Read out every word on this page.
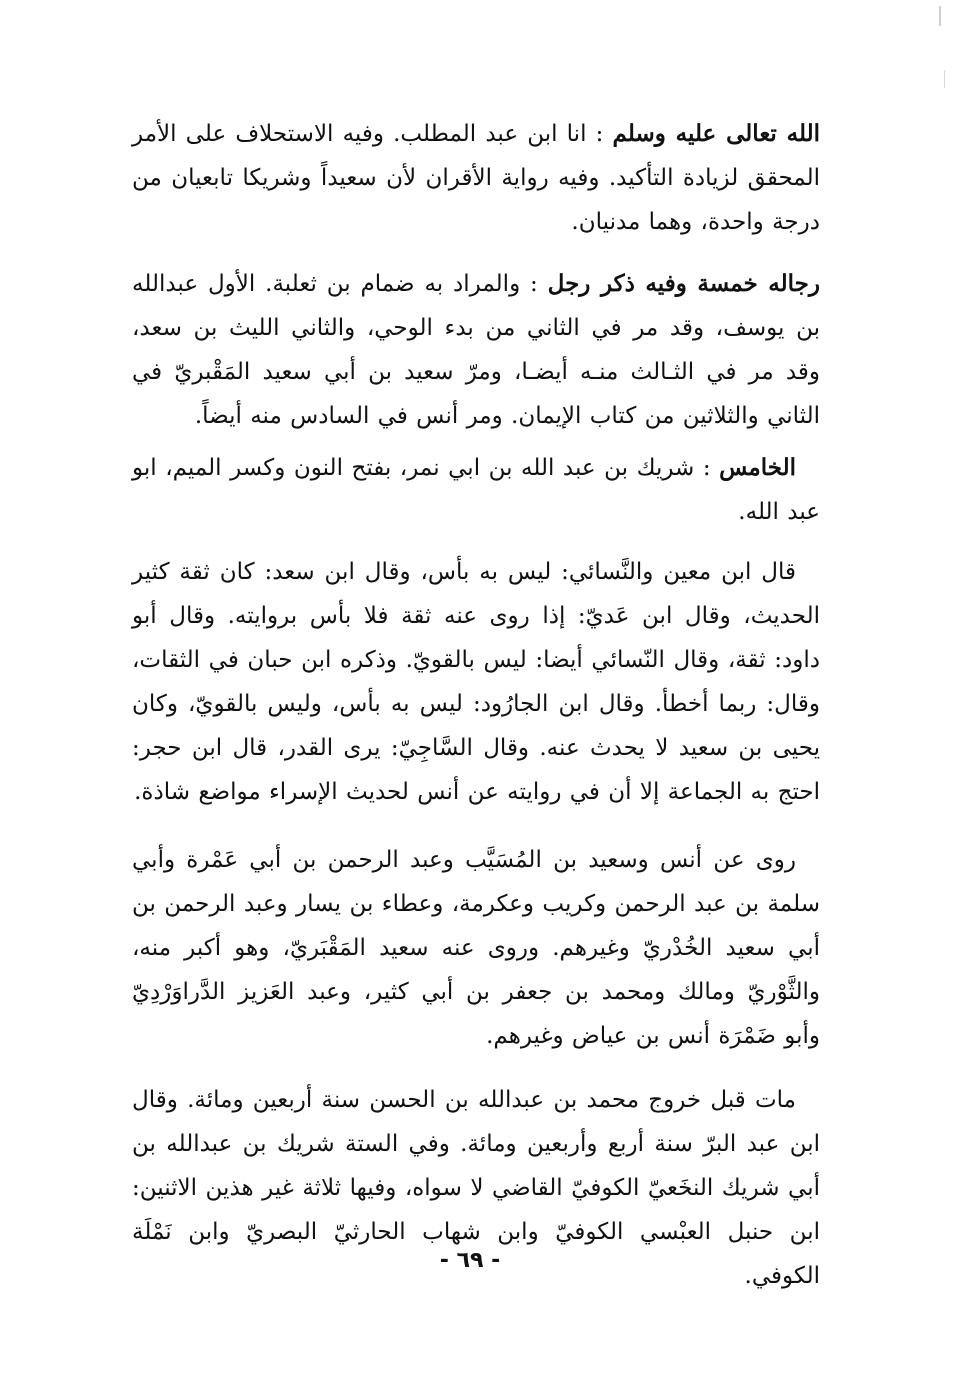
الله تعالى عليه وسلم : انا ابن عبد المطلب. وفيه الاستحلاف على الأمر المحقق لزيادة التأكيد. وفيه رواية الأقران لأن سعيداً وشريكا تابعيان من درجة واحدة، وهما مدنيان.

رجاله خمسة وفيه ذكر رجل : والمراد به ضمام بن ثعلبة. الأول عبدالله بن يوسف، وقد مر في الثاني من بدء الوحي، والثاني الليث بن سعد، وقد مر في الثـالث منـه أيضـا، ومرّ سعيد بن أبي سعيد المَقْبريّ في الثاني والثلاثين من كتاب الإيمان. ومر أنس في السادس منه أيضاً.

الخامس : شريك بن عبد الله بن ابي نمر، بفتح النون وكسر الميم، ابو عبد الله.

قال ابن معين والنَّسائي: ليس به بأس، وقال ابن سعد: كان ثقة كثير الحديث، وقال ابن عَديّ: إذا روى عنه ثقة فلا بأس بروايته. وقال أبو داود: ثقة، وقال النّسائي أيضا: ليس بالقويّ. وذكره ابن حبان في الثقات، وقال: ربما أخطأ. وقال ابن الجارُود: ليس به بأس، وليس بالقويّ، وكان يحيى بن سعيد لا يحدث عنه. وقال السَّاجِيّ: يرى القدر، قال ابن حجر: احتج به الجماعة إلا أن في روايته عن أنس لحديث الإسراء مواضع شاذة.

روى عن أنس وسعيد بن المُسَيَّب وعبد الرحمن بن أبي عَمْرة وأبي سلمة بن عبد الرحمن وكريب وعكرمة، وعطاء بن يسار وعبد الرحمن بن أبي سعيد الخُدْريّ وغيرهم. وروى عنه سعيد المَقْبَريّ، وهو أكبر منه، والثَّوْريّ ومالك ومحمد بن جعفر بن أبي كثير، وعبد العَزيز الدَّراوَرْدِيّ وأبو ضَمْرَة أنس بن عياض وغيرهم.

مات قبل خروج محمد بن عبدالله بن الحسن سنة أربعين ومائة. وقال ابن عبد البرّ سنة أربع وأربعين ومائة. وفي الستة شريك بن عبدالله بن أبي شريك النخَعيّ الكوفيّ القاضي لا سواه، وفيها ثلاثة غير هذين الاثنين: ابن حنبل العبْسي الكوفيّ وابن شهاب الحارثيّ البصريّ وابن نَمْلَة الكوفي.

- ٦٩ -
